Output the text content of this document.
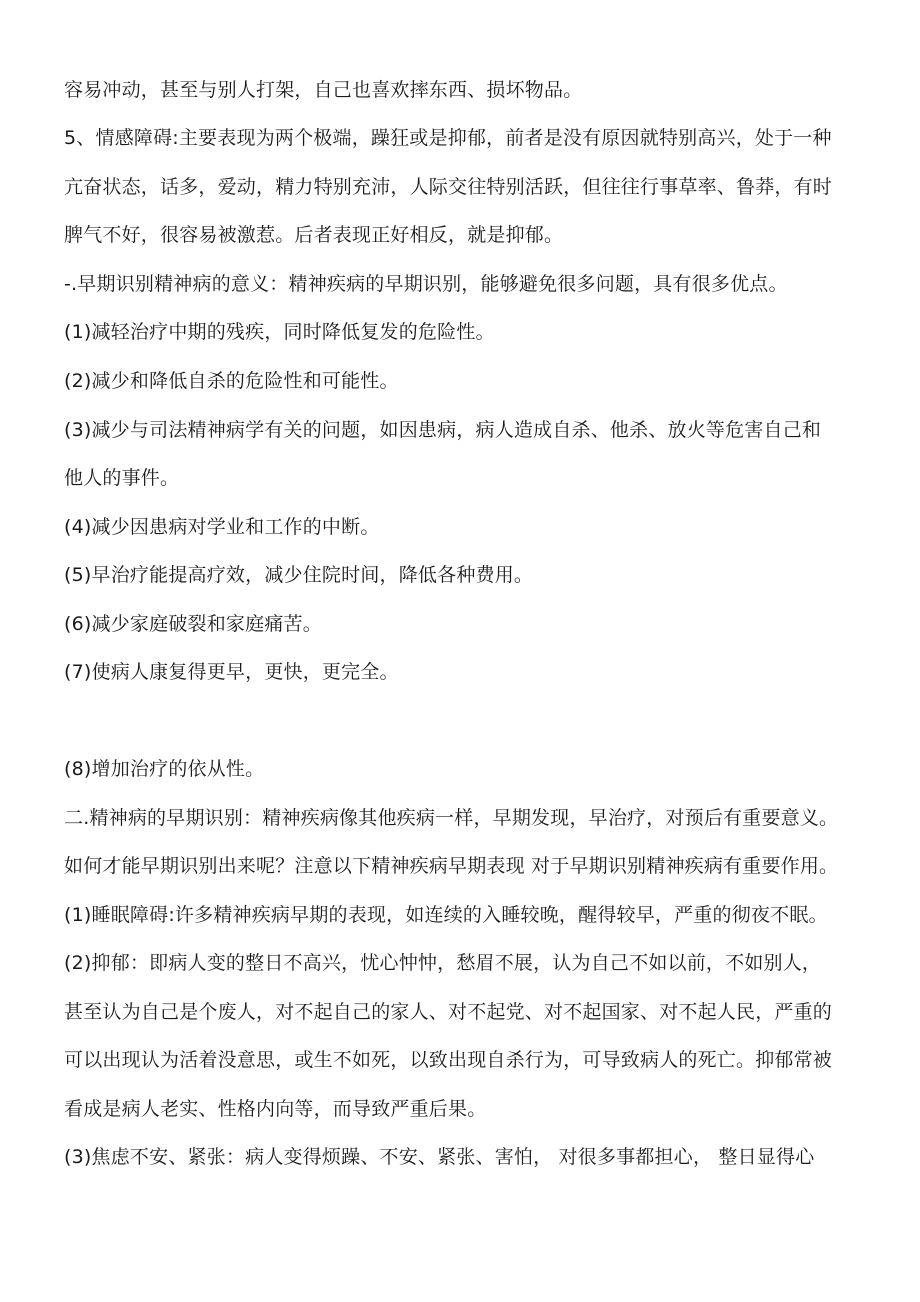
容易冲动，甚至与别人打架，自己也喜欢摔东西、损坏物品。
5、情感障碍:主要表现为两个极端，躁狂或是抑郁，前者是没有原因就特别高兴，处于一种
亢奋状态，话多，爱动，精力特别充沛，人际交往特别活跃，但往往行事草率、鲁莽，有时
脾气不好，很容易被激惹。后者表现正好相反，就是抑郁。
-.早期识别精神病的意义：精神疾病的早期识别，能够避免很多问题，具有很多优点。
(1)减轻治疗中期的残疾，同时降低复发的危险性。
(2)减少和降低自杀的危险性和可能性。
(3)减少与司法精神病学有关的问题，如因患病，病人造成自杀、他杀、放火等危害自己和
他人的事件。
(4)减少因患病对学业和工作的中断。
(5)早治疗能提高疗效，减少住院时间，降低各种费用。
(6)减少家庭破裂和家庭痛苦。
(7)使病人康复得更早，更快，更完全。
(8)增加治疗的依从性。
二.精神病的早期识别：精神疾病像其他疾病一样，早期发现，早治疗，对预后有重要意义。
如何才能早期识别出来呢？注意以下精神疾病早期表现 对于早期识别精神疾病有重要作用。
(1)睡眠障碍:许多精神疾病早期的表现，如连续的入睡较晚，醒得较早，严重的彻夜不眠。
(2)抑郁：即病人变的整日不高兴，忧心忡忡，愁眉不展，认为自己不如以前，不如别人，
甚至认为自己是个废人，对不起自己的家人、对不起党、对不起国家、对不起人民，严重的
可以出现认为活着没意思，或生不如死，以致出现自杀行为，可导致病人的死亡。抑郁常被
看成是病人老实、性格内向等，而导致严重后果。
(3)焦虑不安、紧张：病人变得烦躁、不安、紧张、害怕， 对很多事都担心， 整日显得心
